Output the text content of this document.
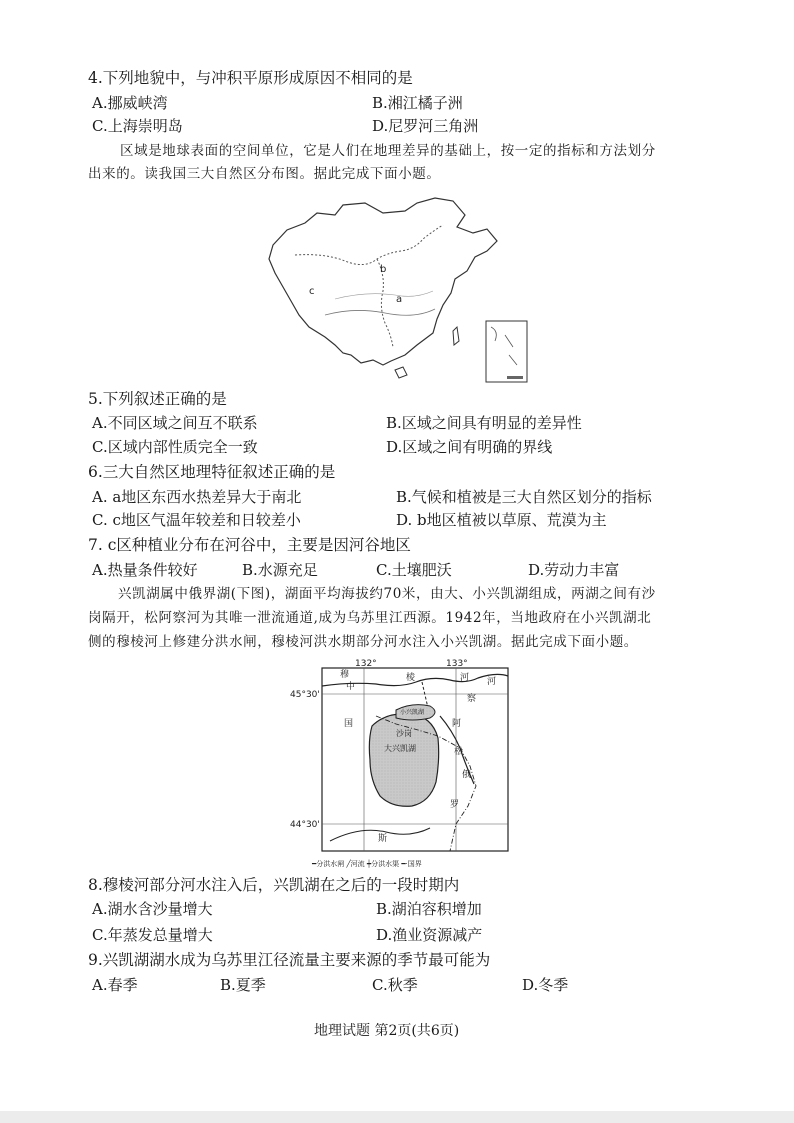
4.下列地貌中，与冲积平原形成原因不相同的是
A.挪威峡湾	B.湘江橘子洲
C.上海崇明岛	D.尼罗河三角洲
区域是地球表面的空间单位，它是人们在地理差异的基础上，按一定的指标和方法划分
出来的。读我国三大自然区分布图。据此完成下面小题。
b
a
c
5.下列叙述正确的是
A.不同区域之间互不联系	B.区域之间具有明显的差异性
C.区域内部性质完全一致	D.区域之间有明确的界线
6.三大自然区地理特征叙述正确的是
A. a地区东西水热差异大于南北	B.气候和植被是三大自然区划分的指标
C. c地区气温年较差和日较差小	D. b地区植被以草原、荒漠为主
7. c区种植业分布在河谷中，主要是因河谷地区
A.热量条件较好	B.水源充足	C.土壤肥沃	D.劳动力丰富
兴凯湖属中俄界湖(下图)，湖面平均海拔约70米，由大、小兴凯湖组成，两湖之间有沙
岗隔开，松阿察河为其唯一泄流通道,成为乌苏里江西源。1942年，当地政府在小兴凯湖北
侧的穆棱河上修建分洪水闸，穆棱河洪水期部分河水注入小兴凯湖。据此完成下面小题。
132°	133°
45°30'
44°30'
穆
中
棱	河 河
国
小兴凯湖
沙岗
大兴凯湖
察
阿
松
俄
罗
斯
━分洪水闸 ╱河流 ┿分洪水渠 ━·国界
8.穆棱河部分河水注入后，兴凯湖在之后的一段时期内
A.湖水含沙量增大	B.湖泊容积增加
C.年蒸发总量增大	D.渔业资源减产
9.兴凯湖湖水成为乌苏里江径流量主要来源的季节最可能为
A.春季	B.夏季	C.秋季	D.冬季
地理试题 第2页(共6页)
